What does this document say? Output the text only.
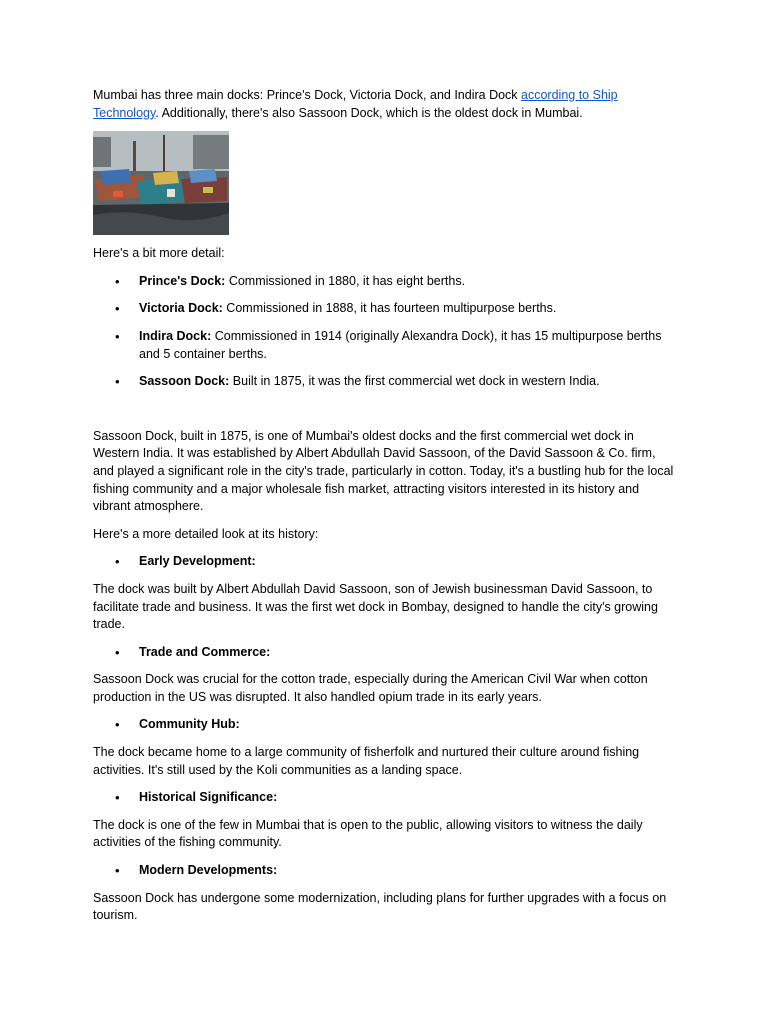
Mumbai has three main docks: Prince's Dock, Victoria Dock, and Indira Dock according to Ship Technology. Additionally, there's also Sassoon Dock, which is the oldest dock in Mumbai.

Here's a bit more detail:

• Prince's Dock: Commissioned in 1880, it has eight berths.
• Victoria Dock: Commissioned in 1888, it has fourteen multipurpose berths.
• Indira Dock: Commissioned in 1914 (originally Alexandra Dock), it has 15 multipurpose berths and 5 container berths.
• Sassoon Dock: Built in 1875, it was the first commercial wet dock in western India.

Sassoon Dock, built in 1875, is one of Mumbai's oldest docks and the first commercial wet dock in Western India. It was established by Albert Abdullah David Sassoon, of the David Sassoon & Co. firm, and played a significant role in the city's trade, particularly in cotton. Today, it's a bustling hub for the local fishing community and a major wholesale fish market, attracting visitors interested in its history and vibrant atmosphere.

Here's a more detailed look at its history:

• Early Development:

The dock was built by Albert Abdullah David Sassoon, son of Jewish businessman David Sassoon, to facilitate trade and business. It was the first wet dock in Bombay, designed to handle the city's growing trade.

• Trade and Commerce:

Sassoon Dock was crucial for the cotton trade, especially during the American Civil War when cotton production in the US was disrupted. It also handled opium trade in its early years.

• Community Hub:

The dock became home to a large community of fisherfolk and nurtured their culture around fishing activities. It's still used by the Koli communities as a landing space.

• Historical Significance:

The dock is one of the few in Mumbai that is open to the public, allowing visitors to witness the daily activities of the fishing community.

• Modern Developments:

Sassoon Dock has undergone some modernization, including plans for further upgrades with a focus on tourism.
